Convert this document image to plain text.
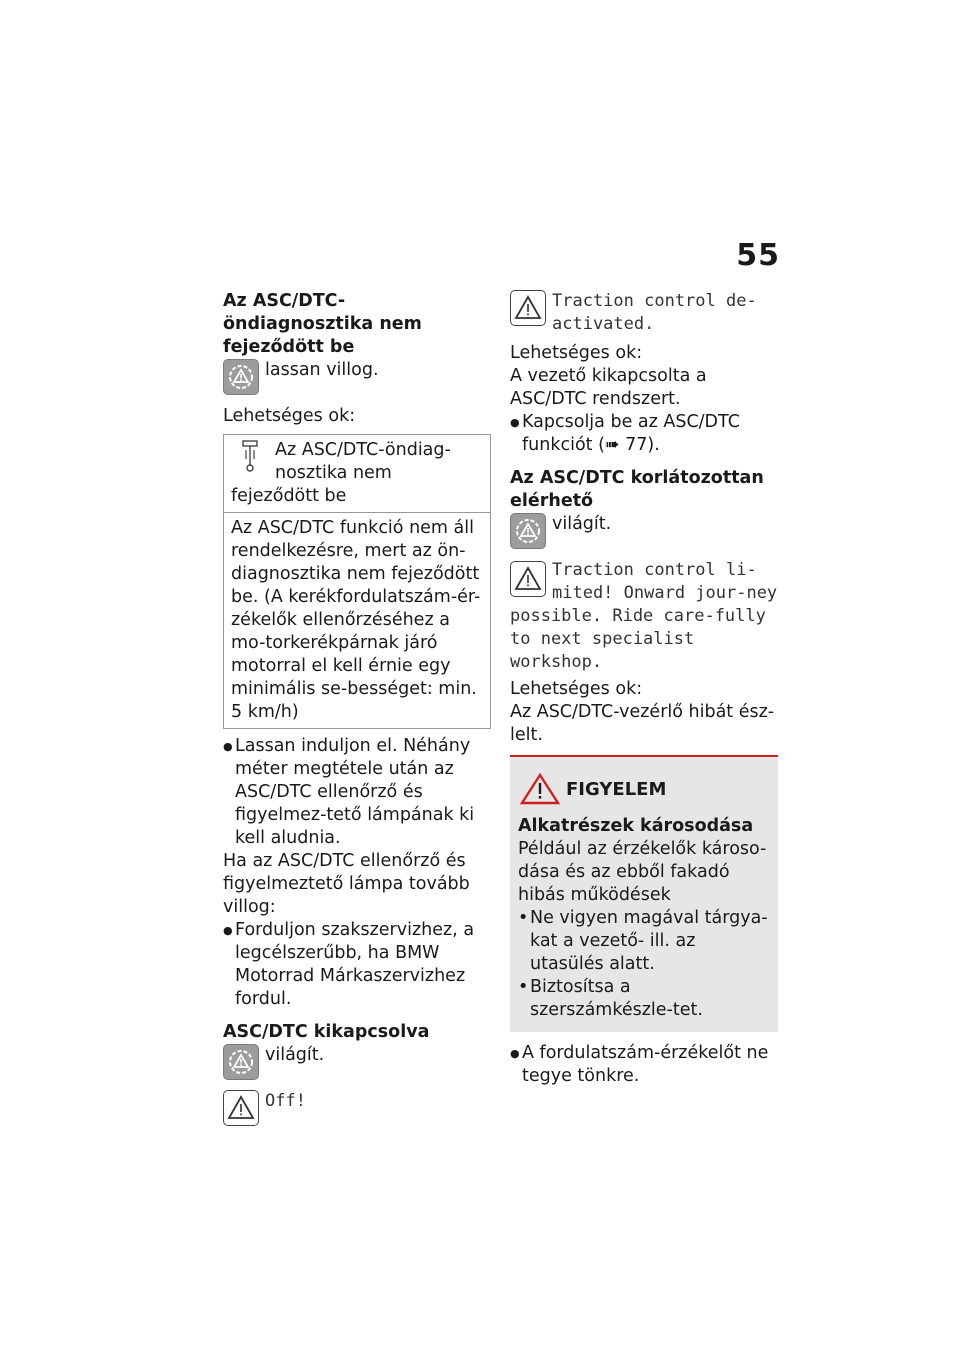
55

Az ASC/DTC-öndiagnosztika nem fejeződött be

lassan villog.

Lehetséges ok:

Az ASC/DTC-öndiag-nosztika nem fejeződött be
Az ASC/DTC funkció nem áll rendelkezésre, mert az ön-diagnosztika nem fejeződött be. (A kerékfordulatszám-ér-zékelők ellenőrzéséhez a mo-torkerékpárnak járó motorral el kell érnie egy minimális se-bességet: min. 5 km/h)

● Lassan induljon el. Néhány méter megtétele után az ASC/DTC ellenőrző és figyelmez-tető lámpának ki kell aludnia.

Ha az ASC/DTC ellenőrző és figyelmeztető lámpa tovább villog:

● Forduljon szakszervizhez, a legcélszerűbb, ha BMW Motorrad Márkaszervizhez fordul.

ASC/DTC kikapcsolva

világít.

Off!
Traction control de-activated.

Lehetséges ok:

A vezető kikapcsolta a ASC/DTC rendszert.

● Kapcsolja be az ASC/DTC funkciót (➠ 77).

Az ASC/DTC korlátozottan elérhető

világít.

Traction control li-mited! Onward jour-ney possible. Ride care-fully to next specialist workshop.

Lehetséges ok:

Az ASC/DTC-vezérlő hibát ész-lelt.

FIGYELEM

Alkatrészek károsodása

Például az érzékelők károso-dása és az ebből fakadó hibás működések

• Ne vigyen magával tárgya-kat a vezető- ill. az utasülés alatt.

• Biztosítsa a szerszámkészle-tet.

● A fordulatszám-érzékelőt ne tegye tönkre.
